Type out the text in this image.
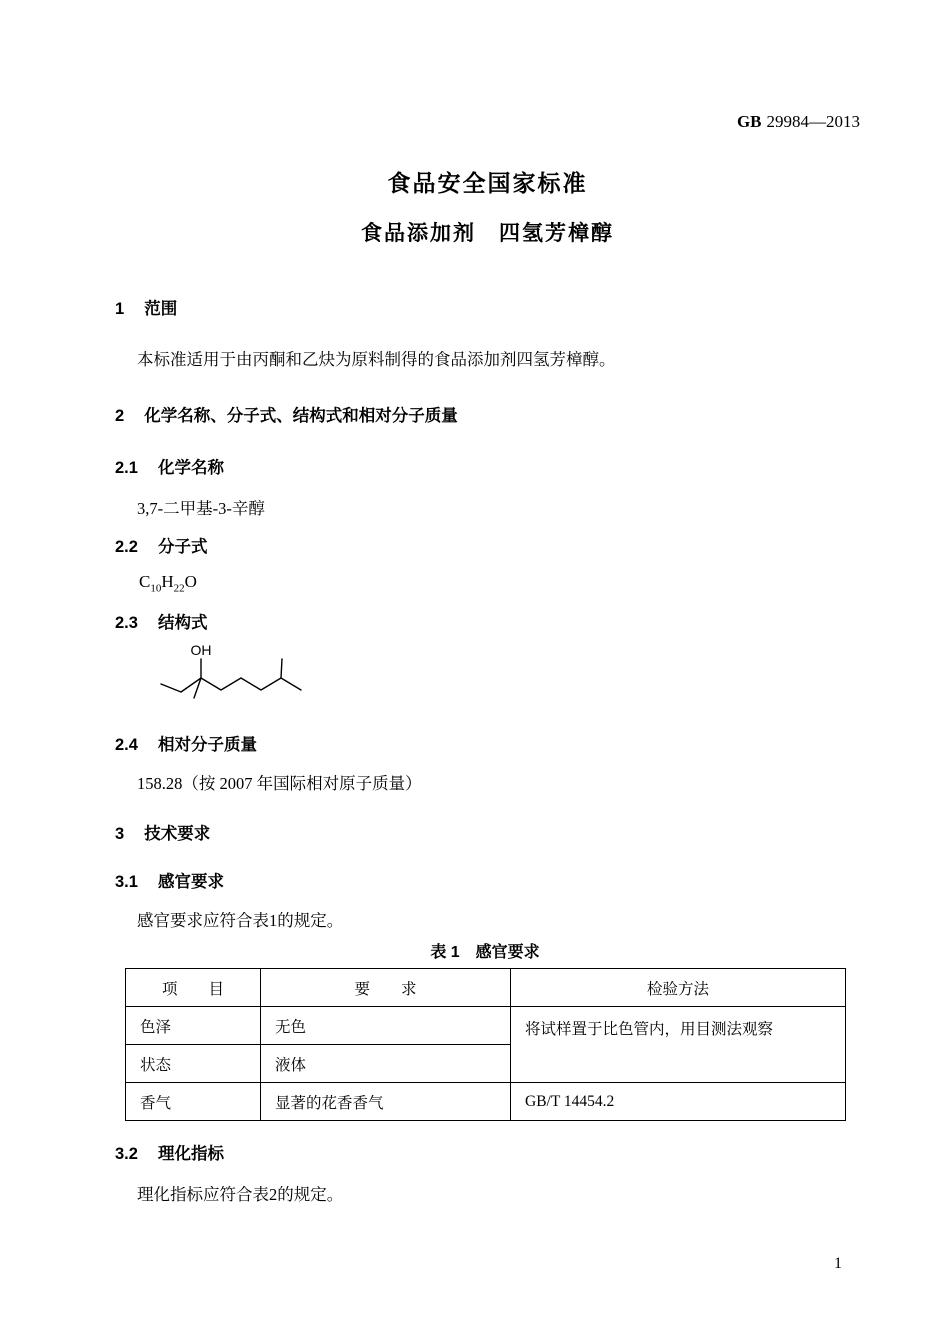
GB 29984—2013
食品安全国家标准
食品添加剂　四氢芳樟醇
1 范围

本标准适用于由丙酮和乙炔为原料制得的食品添加剂四氢芳樟醇。

2 化学名称、分子式、结构式和相对分子质量
2.1 化学名称

3,7-二甲基-3-辛醇

2.2 分子式
$C_{10}H_{22}O$
2.3 结构式
OH
2.4 相对分子质量

158.28（按 2007 年国际相对原子质量）

3 技术要求
3.1 感官要求

感官要求应符合表1的规定。

表 1　感官要求
项　　目	要　　求	检验方法
色泽	无色	将试样置于比色管内，用目测法观察
状态	液体	
香气	显著的花香香气	GB/T 14454.2
3.2 理化指标

理化指标应符合表2的规定。

1
